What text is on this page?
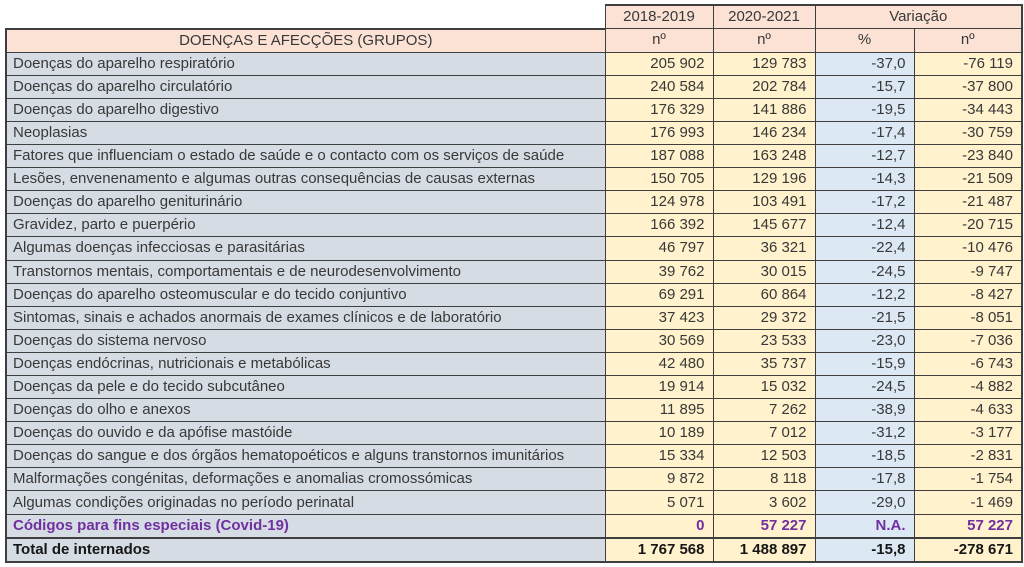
	2018-2019	2020-2021	Variação	
DOENÇAS E AFECÇÕES (GRUPOS)	nº	nº	%	nº
Doenças do aparelho respiratório	205 902	129 783	-37,0	-76 119
Doenças do aparelho circulatório	240 584	202 784	-15,7	-37 800
Doenças do aparelho digestivo	176 329	141 886	-19,5	-34 443
Neoplasias	176 993	146 234	-17,4	-30 759
Fatores que influenciam o estado de saúde e o contacto com os serviços de saúde	187 088	163 248	-12,7	-23 840
Lesões, envenenamento e algumas outras consequências de causas externas	150 705	129 196	-14,3	-21 509
Doenças do aparelho geniturinário	124 978	103 491	-17,2	-21 487
Gravidez, parto e puerpério	166 392	145 677	-12,4	-20 715
Algumas doenças infecciosas e parasitárias	46 797	36 321	-22,4	-10 476
Transtornos mentais, comportamentais e de neurodesenvolvimento	39 762	30 015	-24,5	-9 747
Doenças do aparelho osteomuscular e do tecido conjuntivo	69 291	60 864	-12,2	-8 427
Sintomas, sinais e achados anormais de exames clínicos e de laboratório	37 423	29 372	-21,5	-8 051
Doenças do sistema nervoso	30 569	23 533	-23,0	-7 036
Doenças endócrinas, nutricionais e metabólicas	42 480	35 737	-15,9	-6 743
Doenças da pele e do tecido subcutâneo	19 914	15 032	-24,5	-4 882
Doenças do olho e anexos	11 895	7 262	-38,9	-4 633
Doenças do ouvido e da apófise mastóide	10 189	7 012	-31,2	-3 177
Doenças do sangue e dos órgãos hematopoéticos e alguns transtornos imunitários	15 334	12 503	-18,5	-2 831
Malformações congénitas, deformações e anomalias cromossómicas	9 872	8 118	-17,8	-1 754
Algumas condições originadas no período perinatal	5 071	3 602	-29,0	-1 469
Códigos para fins especiais (Covid-19)	0	57 227	N.A.	57 227
Total de internados	1 767 568	1 488 897	-15,8	-278 671
